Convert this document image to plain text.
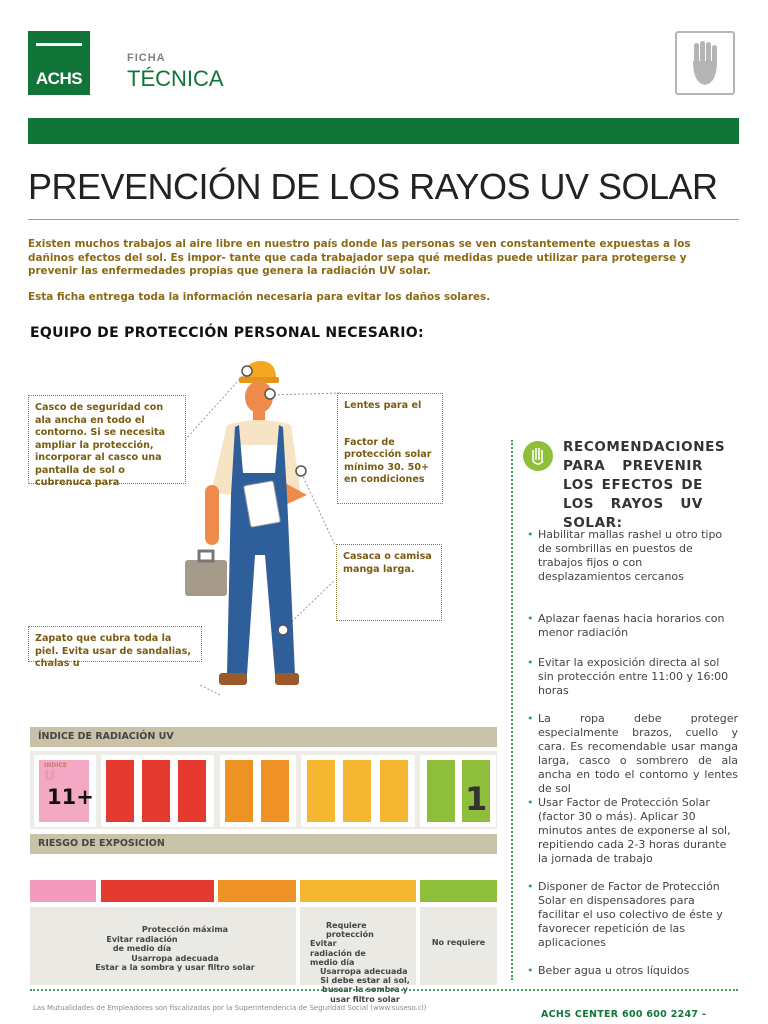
ACHS
FICHA
TÉCNICA
PREVENCIÓN DE LOS RAYOS UV SOLAR
Existen muchos trabajos al aire libre en nuestro país donde las personas se ven constantemente expuestas a los dañinos efectos del sol. Es impor- tante que cada trabajador sepa qué medidas puede utilizar para protegerse y prevenir las enfermedades propias que genera la radiación UV solar.
Esta ficha entrega toda la información necesaria para evitar los daños solares.
EQUIPO DE PROTECCIÓN PERSONAL NECESARIO:
Casco de seguridad con ala ancha en todo el contorno. Si se necesita ampliar la protección, incorporar al casco una pantalla de sol o cubrenuca para
Lentes para el
Factor de protección solar mínimo 30. 50+ en condiciones
Casaca o camisa manga larga.
Zapato que cubra toda la piel. Evita usar de sandalias, chalas u
RECOMENDACIONES PARA PREVENIR LOS EFECTOS DE LOS RAYOS UV SOLAR:
• Habilitar mallas rashel u otro tipo de sombrillas en puestos de trabajos fijos o con desplazamientos cercanos
• Aplazar faenas hacia horarios con menor radiación
• Evitar la exposición directa al sol sin protección entre 11:00 y 16:00 horas
• La ropa debe proteger especialmente brazos, cuello y cara. Es recomendable usar manga larga, casco o sombrero de ala ancha en todo el contorno y lentes de sol
• Usar Factor de Protección Solar (factor 30 o más). Aplicar 30 minutos antes de exponerse al sol, repitiendo cada 2-3 horas durante la jornada de trabajo
• Disponer de Factor de Protección Solar en dispensadores para facilitar el uso colectivo de éste y favorecer repetición de las aplicaciones
• Beber agua u otros líquidos
ÍNDICE DE RADIACIÓN UV
INDICE
U
11+	1
RIESGO DE EXPOSICION
Protección máxima
Evitar radiación de medio día
Usarropa adecuada
Estar a la sombra y usar filtro solar
Requiere protección
Evitar radiación de medio día
Usarropa adecuada
Si debe estar al sol, buscar la sombra y usar filtro solar
No requiere
Las Mutualidades de Empleadores son fiscalizadas por la Superintendencia de Seguridad Social (www.suseso.cl)
ACHS CENTER 600 600 2247 -
